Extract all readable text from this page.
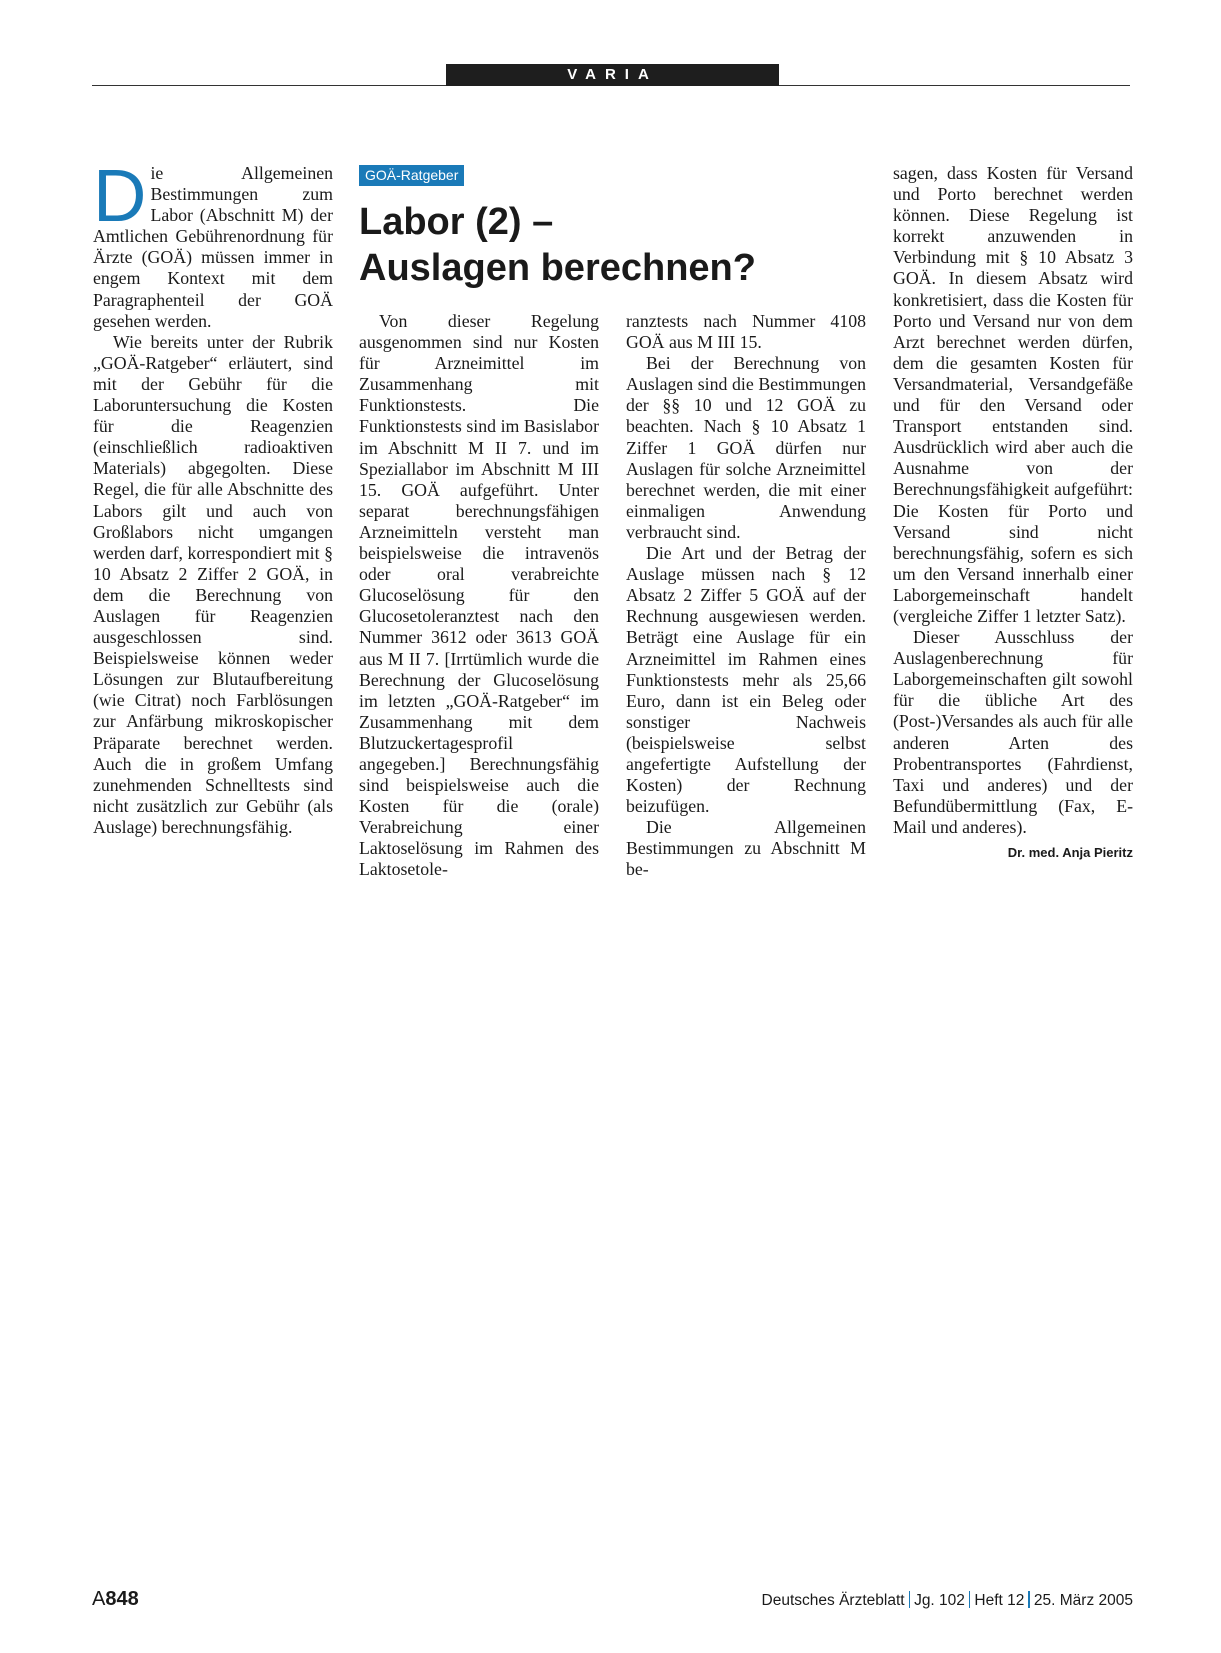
VARIA

Die Allgemeinen Bestimmungen zum Labor (Abschnitt M) der Amtlichen Gebührenordnung für Ärzte (GOÄ) müssen immer in engem Kontext mit dem Paragraphenteil der GOÄ gesehen werden.

Wie bereits unter der Rubrik „GOÄ-Ratgeber“ erläutert, sind mit der Gebühr für die Laboruntersuchung die Kosten für die Reagenzien (einschließlich radioaktiven Materials) abgegolten. Diese Regel, die für alle Abschnitte des Labors gilt und auch von Großlabors nicht umgangen werden darf, korrespondiert mit § 10 Absatz 2 Ziffer 2 GOÄ, in dem die Berechnung von Auslagen für Reagenzien ausgeschlossen sind. Beispielsweise können weder Lösungen zur Blutaufbereitung (wie Citrat) noch Farblösungen zur Anfärbung mikroskopischer Präparate berechnet werden. Auch die in großem Umfang zunehmenden Schnelltests sind nicht zusätzlich zur Gebühr (als Auslage) berechnungsfähig.

GOÄ-Ratgeber
Labor (2) –
Auslagen berechnen?

Von dieser Regelung ausgenommen sind nur Kosten für Arzneimittel im Zusammenhang mit Funktionstests. Die Funktionstests sind im Basislabor im Abschnitt M II 7. und im Speziallabor im Abschnitt M III 15. GOÄ aufgeführt. Unter separat berechnungsfähigen Arzneimitteln versteht man beispielsweise die intravenös oder oral verabreichte Glucoselösung für den Glucosetoleranztest nach den Nummer 3612 oder 3613 GOÄ aus M II 7. [Irrtümlich wurde die Berechnung der Glucoselösung im letzten „GOÄ-Ratgeber“ im Zusammenhang mit dem Blutzuckertagesprofil angegeben.] Berechnungsfähig sind beispielsweise auch die Kosten für die (orale) Verabreichung einer Laktoselösung im Rahmen des Laktosetole-

ranztests nach Nummer 4108 GOÄ aus M III 15.

Bei der Berechnung von Auslagen sind die Bestimmungen der §§ 10 und 12 GOÄ zu beachten. Nach § 10 Absatz 1 Ziffer 1 GOÄ dürfen nur Auslagen für solche Arzneimittel berechnet werden, die mit einer einmaligen Anwendung verbraucht sind.

Die Art und der Betrag der Auslage müssen nach § 12 Absatz 2 Ziffer 5 GOÄ auf der Rechnung ausgewiesen werden. Beträgt eine Auslage für ein Arzneimittel im Rahmen eines Funktionstests mehr als 25,66 Euro, dann ist ein Beleg oder sonstiger Nachweis (beispielsweise selbst angefertigte Aufstellung der Kosten) der Rechnung beizufügen.

Die Allgemeinen Bestimmungen zu Abschnitt M be-

sagen, dass Kosten für Versand und Porto berechnet werden können. Diese Regelung ist korrekt anzuwenden in Verbindung mit § 10 Absatz 3 GOÄ. In diesem Absatz wird konkretisiert, dass die Kosten für Porto und Versand nur von dem Arzt berechnet werden dürfen, dem die gesamten Kosten für Versandmaterial, Versandgefäße und für den Versand oder Transport entstanden sind. Ausdrücklich wird aber auch die Ausnahme von der Berechnungsfähigkeit aufgeführt: Die Kosten für Porto und Versand sind nicht berechnungsfähig, sofern es sich um den Versand innerhalb einer Laborgemeinschaft handelt (vergleiche Ziffer 1 letzter Satz).

Dieser Ausschluss der Auslagenberechnung für Laborgemeinschaften gilt sowohl für die übliche Art des (Post-)Versandes als auch für alle anderen Arten des Probentransportes (Fahrdienst, Taxi und anderes) und der Befundübermittlung (Fax, E-Mail und anderes).
Dr. med. Anja Pieritz

A848	Deutsches Ärzteblatt Jg. 102 Heft 12 25. März 2005
